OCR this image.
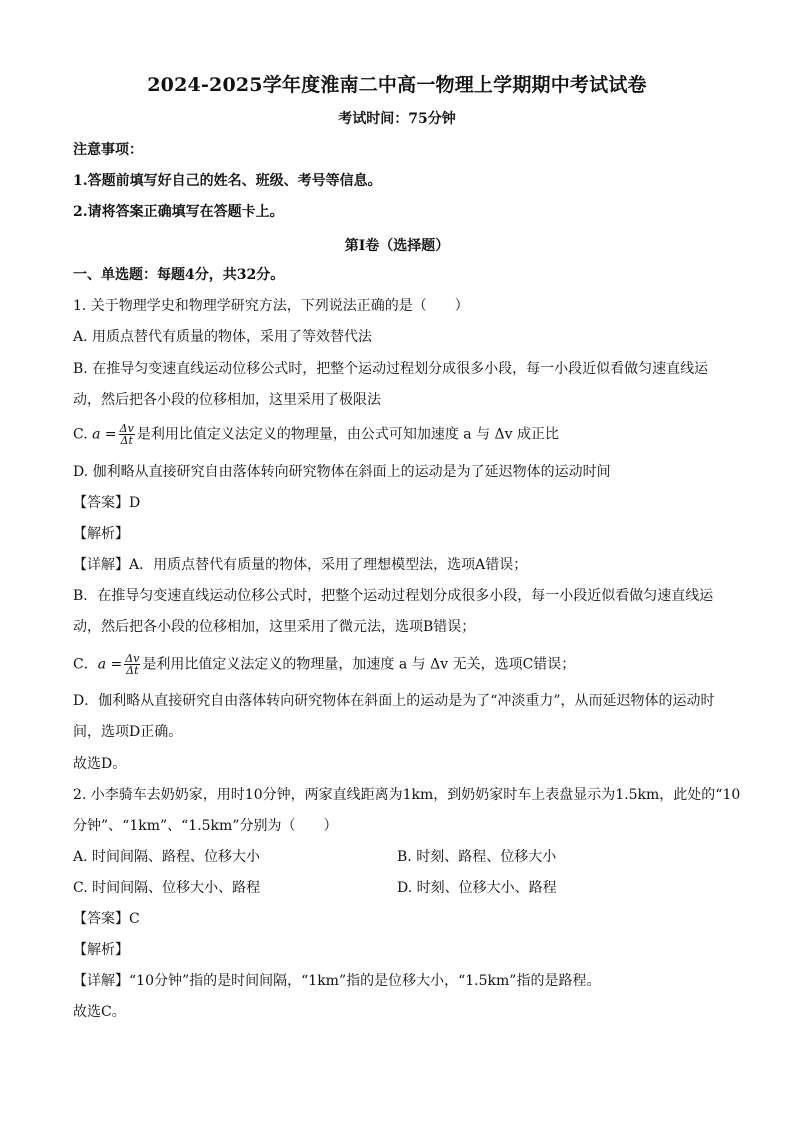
2024-2025学年度淮南二中高一物理上学期期中考试试卷
考试时间：75分钟
注意事项：
1.答题前填写好自己的姓名、班级、考号等信息。
2.请将答案正确填写在答题卡上。
第Ⅰ卷（选择题）
一、单选题：每题4分，共32分。
1. 关于物理学史和物理学研究方法，下列说法正确的是（　　）
A. 用质点替代有质量的物体，采用了等效替代法
B. 在推导匀变速直线运动位移公式时，把整个运动过程划分成很多小段，每一小段近似看做匀速直线运
动，然后把各小段的位移相加，这里采用了极限法
C. $a = \frac{\Delta v}{\Delta t}$ 是利用比值定义法定义的物理量，由公式可知加速度 a 与 Δv 成正比
D. 伽利略从直接研究自由落体转向研究物体在斜面上的运动是为了延迟物体的运动时间
【答案】D
【解析】
【详解】A．用质点替代有质量的物体，采用了理想模型法，选项A错误；
B．在推导匀变速直线运动位移公式时，把整个运动过程划分成很多小段，每一小段近似看做匀速直线运
动，然后把各小段的位移相加，这里采用了微元法，选项B错误；
C．$a = \frac{\Delta v}{\Delta t}$ 是利用比值定义法定义的物理量，加速度 a 与 Δv 无关，选项C错误；
D．伽利略从直接研究自由落体转向研究物体在斜面上的运动是为了“冲淡重力”，从而延迟物体的运动时
间，选项D正确。
故选D。
2. 小李骑车去奶奶家，用时10分钟，两家直线距离为1km，到奶奶家时车上表盘显示为1.5km，此处的“10
分钟”、“1km”、“1.5km”分别为（　　）
A. 时间间隔、路程、位移大小	B. 时刻、路程、位移大小
C. 时间间隔、位移大小、路程	D. 时刻、位移大小、路程
【答案】C
【解析】
【详解】“10分钟”指的是时间间隔，“1km”指的是位移大小，“1.5km”指的是路程。
故选C。
